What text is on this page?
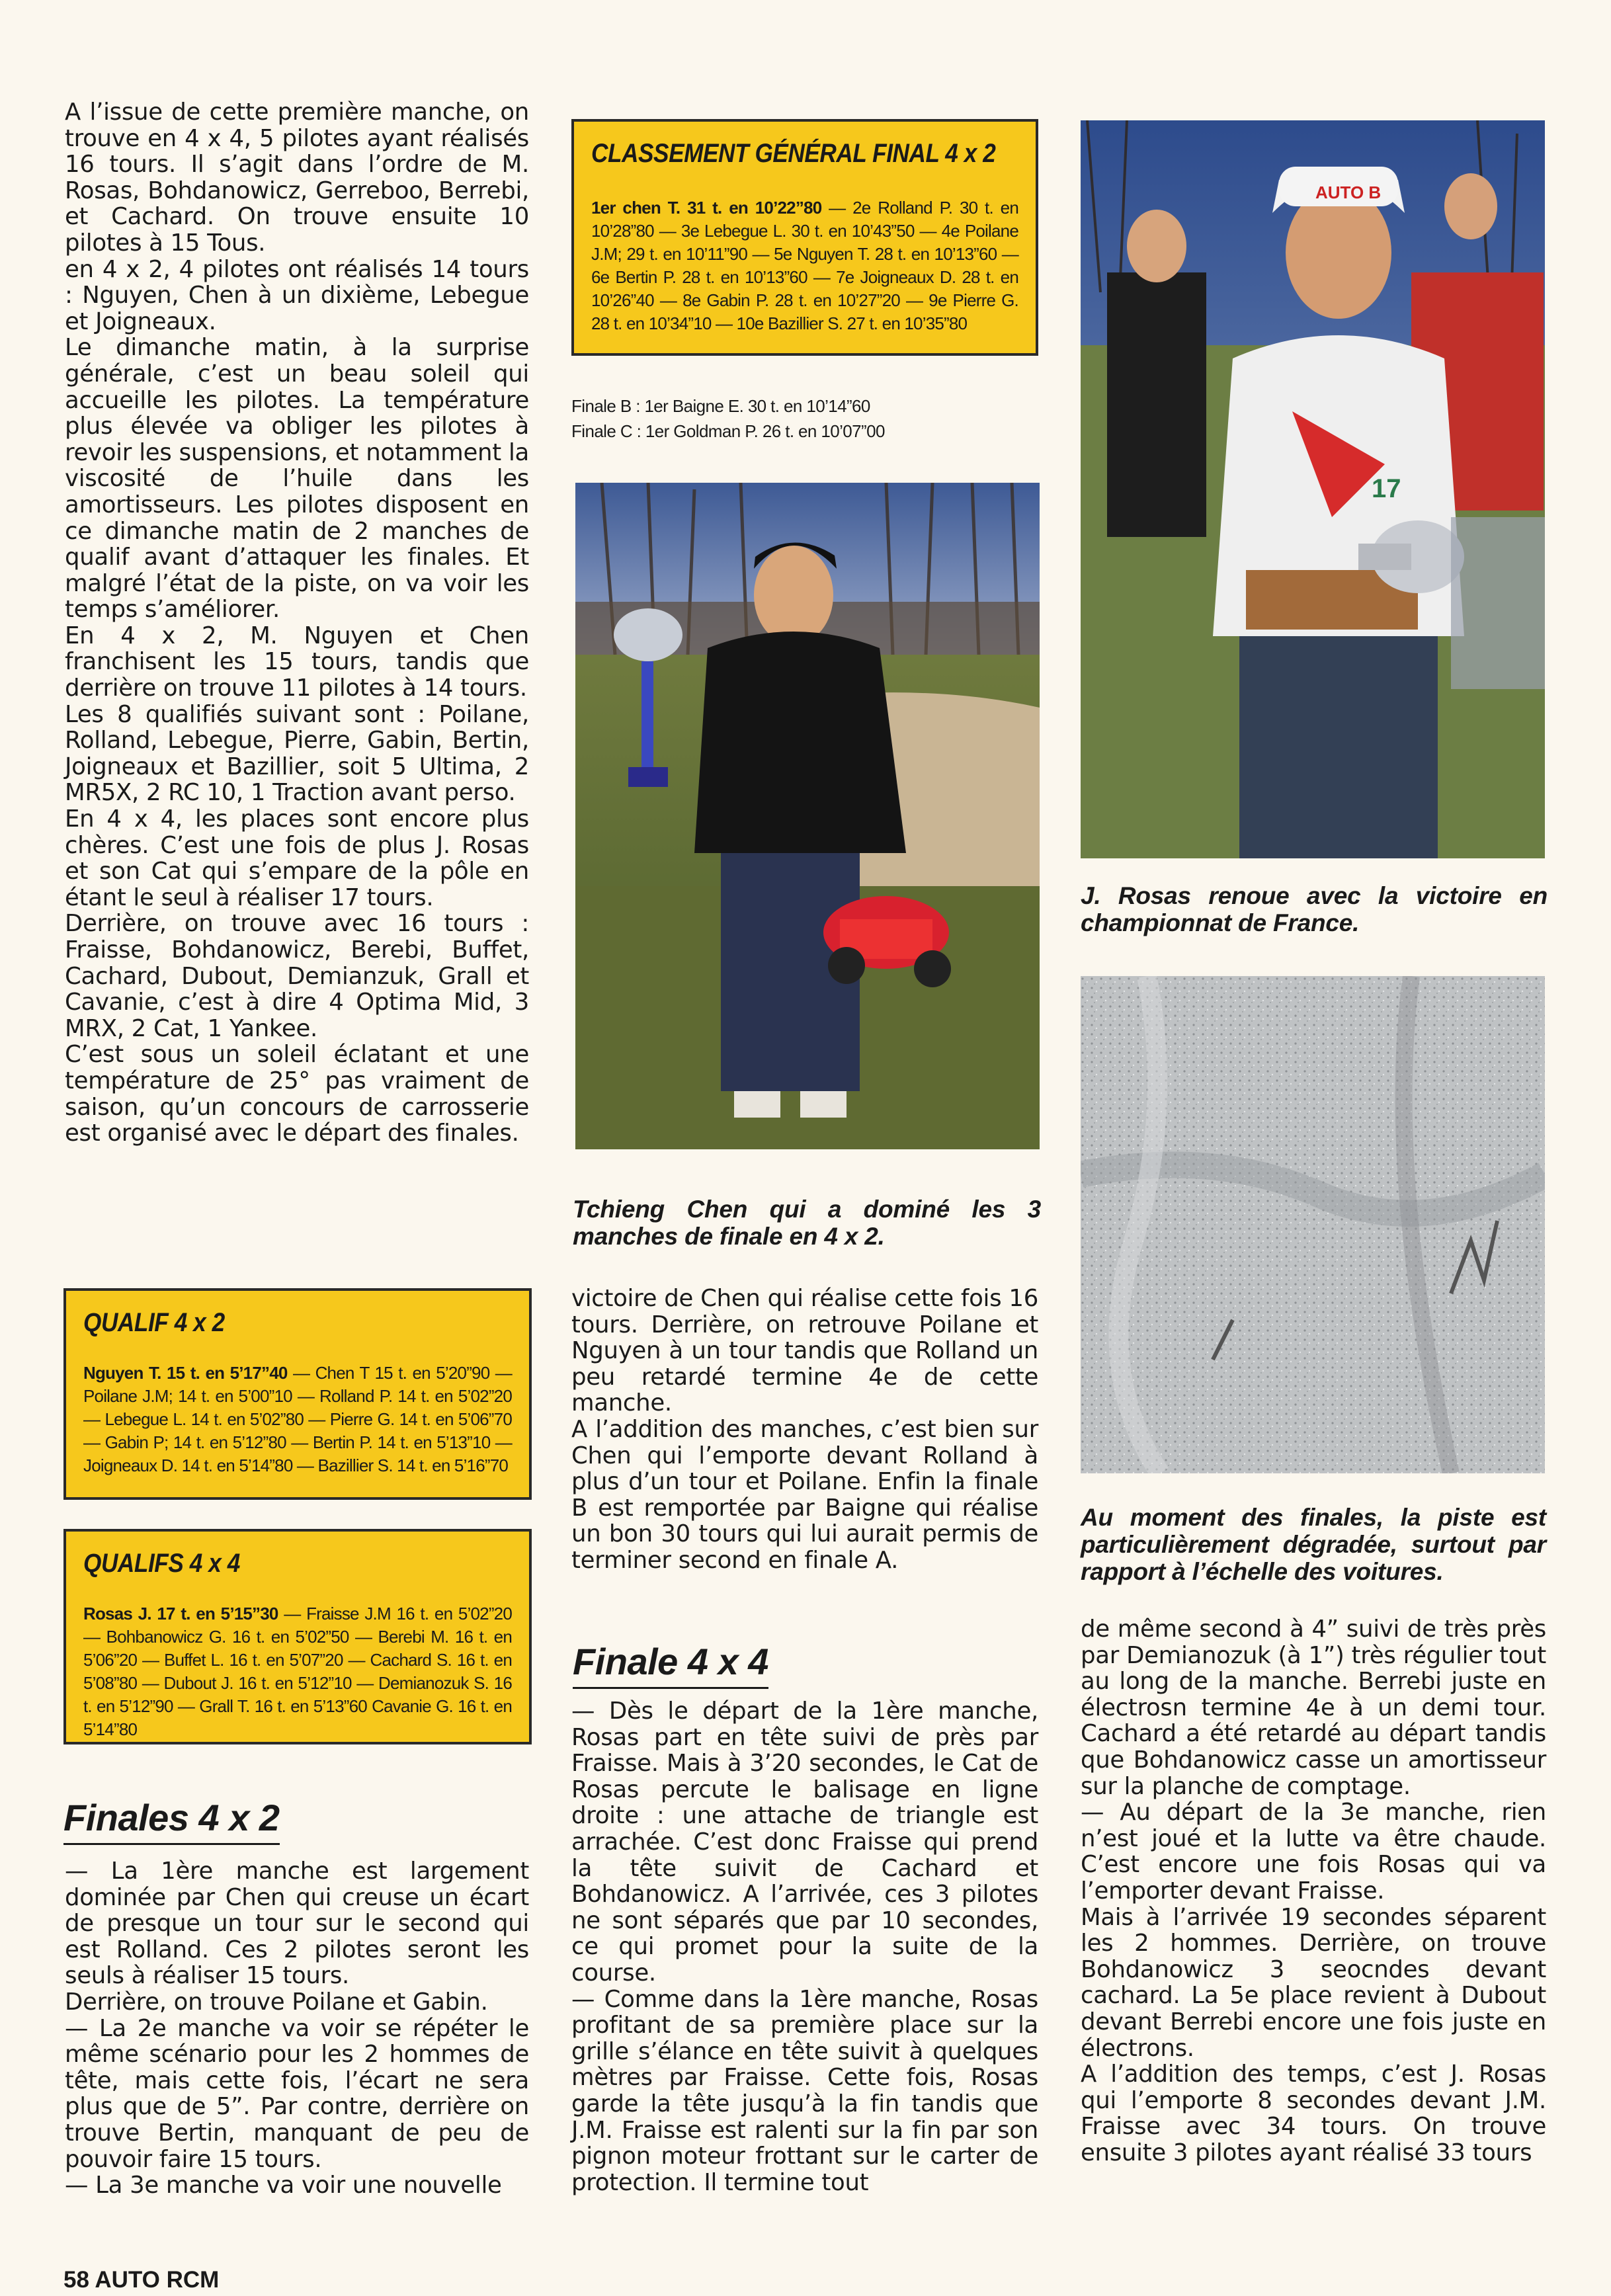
A l’issue de cette première manche, on trouve en 4 x 4, 5 pilotes ayant réalisés 16 tours. Il s’agit dans l’ordre de M. Rosas, Bohdanowicz, Gerreboo, Berrebi, et Cachard. On trouve ensuite 10 pilotes à 15 Tous.

en 4 x 2, 4 pilotes ont réalisés 14 tours : Nguyen, Chen à un dixième, Lebegue et Joigneaux.

Le dimanche matin, à la surprise générale, c’est un beau soleil qui accueille les pilotes. La température plus élevée va obliger les pilotes à revoir les suspensions, et notamment la viscosité de l’huile dans les amortisseurs. Les pilotes disposent en ce dimanche matin de 2 manches de qualif avant d’attaquer les finales. Et malgré l’état de la piste, on va voir les temps s’améliorer.

En 4 x 2, M. Nguyen et Chen franchisent les 15 tours, tandis que derrière on trouve 11 pilotes à 14 tours.

Les 8 qualifiés suivant sont : Poilane, Rolland, Lebegue, Pierre, Gabin, Bertin, Joigneaux et Bazillier, soit 5 Ultima, 2 MR5X, 2 RC 10, 1 Traction avant perso.

En 4 x 4, les places sont encore plus chères. C’est une fois de plus J. Rosas et son Cat qui s’empare de la pôle en étant le seul à réaliser 17 tours.

Derrière, on trouve avec 16 tours : Fraisse, Bohdanowicz, Berebi, Buffet, Cachard, Dubout, Demianzuk, Grall et Cavanie, c’est à dire 4 Optima Mid, 3 MRX, 2 Cat, 1 Yankee.

C’est sous un soleil éclatant et une température de 25° pas vraiment de saison, qu’un concours de carrosserie est organisé avec le départ des finales.

QUALIF 4 x 2
Nguyen T. 15 t. en 5’17”40 — Chen T 15 t. en 5’20”90 — Poilane J.M; 14 t. en 5’00”10 — Rolland P. 14 t. en 5’02”20 — Lebegue L. 14 t. en 5’02”80 — Pierre G. 14 t. en 5’06”70 — Gabin P; 14 t. en 5’12”80 — Bertin P. 14 t. en 5’13”10 — Joigneaux D. 14 t. en 5’14”80 — Bazillier S. 14 t. en 5’16”70
QUALIFS 4 x 4
Rosas J. 17 t. en 5’15”30 — Fraisse J.M 16 t. en 5’02”20 — Bohbanowicz G. 16 t. en 5’02”50 — Berebi M. 16 t. en 5’06”20 — Buffet L. 16 t. en 5’07”20 — Cachard S. 16 t. en 5’08”80 — Dubout J. 16 t. en 5’12”10 — Demianozuk S. 16 t. en 5’12”90 — Grall T. 16 t. en 5’13”60 Cavanie G. 16 t. en 5’14”80
Finales 4 x 2

— La 1ère manche est largement dominée par Chen qui creuse un écart de presque un tour sur le second qui est Rolland. Ces 2 pilotes seront les seuls à réaliser 15 tours.

Derrière, on trouve Poilane et Gabin.

— La 2e manche va voir se répéter le même scénario pour les 2 hommes de tête, mais cette fois, l’écart ne sera plus que de 5”. Par contre, derrière on trouve Bertin, manquant de peu de pouvoir faire 15 tours.

— La 3e manche va voir une nouvelle

CLASSEMENT GÉNÉRAL FINAL 4 x 2
1er chen T. 31 t. en 10’22”80 — 2e Rolland P. 30 t. en 10’28”80 — 3e Lebegue L. 30 t. en 10’43”50 — 4e Poilane J.M; 29 t. en 10’11”90 — 5e Nguyen T. 28 t. en 10’13”60 — 6e Bertin P. 28 t. en 10’13”60 — 7e Joigneaux D. 28 t. en 10’26”40 — 8e Gabin P. 28 t. en 10’27”20 — 9e Pierre G. 28 t. en 10’34”10 — 10e Bazillier S. 27 t. en 10’35”80
Finale B : 1er Baigne E. 30 t. en 10’14”60
Finale C : 1er Goldman P. 26 t. en 10’07”00
Tchieng Chen qui a dominé les 3 manches de finale en 4 x 2.

victoire de Chen qui réalise cette fois 16 tours. Derrière, on retrouve Poilane et Nguyen à un tour tandis que Rolland un peu retardé termine 4e de cette manche.

A l’addition des manches, c’est bien sur Chen qui l’emporte devant Rolland à plus d’un tour et Poilane. Enfin la finale B est remportée par Baigne qui réalise un bon 30 tours qui lui aurait permis de terminer second en finale A.

Finale 4 x 4

— Dès le départ de la 1ère manche, Rosas part en tête suivi de près par Fraisse. Mais à 3’20 secondes, le Cat de Rosas percute le balisage en ligne droite : une attache de triangle est arrachée. C’est donc Fraisse qui prend la tête suivit de Cachard et Bohdanowicz. A l’arrivée, ces 3 pilotes ne sont séparés que par 10 secondes, ce qui promet pour la suite de la course.

— Comme dans la 1ère manche, Rosas profitant de sa première place sur la grille s’élance en tête suivit à quelques mètres par Fraisse. Cette fois, Rosas garde la tête jusqu’à la fin tandis que J.M. Fraisse est ralenti sur la fin par son pignon moteur frottant sur le carter de protection. Il termine tout

AUTO B
17
J. Rosas renoue avec la victoire en championnat de France.
Au moment des finales, la piste est particulièrement dégradée, surtout par rapport à l’échelle des voitures.

de même second à 4” suivi de très près par Demianozuk (à 1”) très régulier tout au long de la manche. Berrebi juste en électrosn termine 4e à un demi tour. Cachard a été retardé au départ tandis que Bohdanowicz casse un amortisseur sur la planche de comptage.

— Au départ de la 3e manche, rien n’est joué et la lutte va être chaude. C’est encore une fois Rosas qui va l’emporter devant Fraisse.

Mais à l’arrivée 19 secondes séparent les 2 hommes. Derrière, on trouve Bohdanowicz 3 seocndes devant cachard. La 5e place revient à Dubout devant Berrebi encore une fois juste en électrons.

A l’addition des temps, c’est J. Rosas qui l’emporte 8 secondes devant J.M. Fraisse avec 34 tours. On trouve ensuite 3 pilotes ayant réalisé 33 tours

58 AUTO RCM
